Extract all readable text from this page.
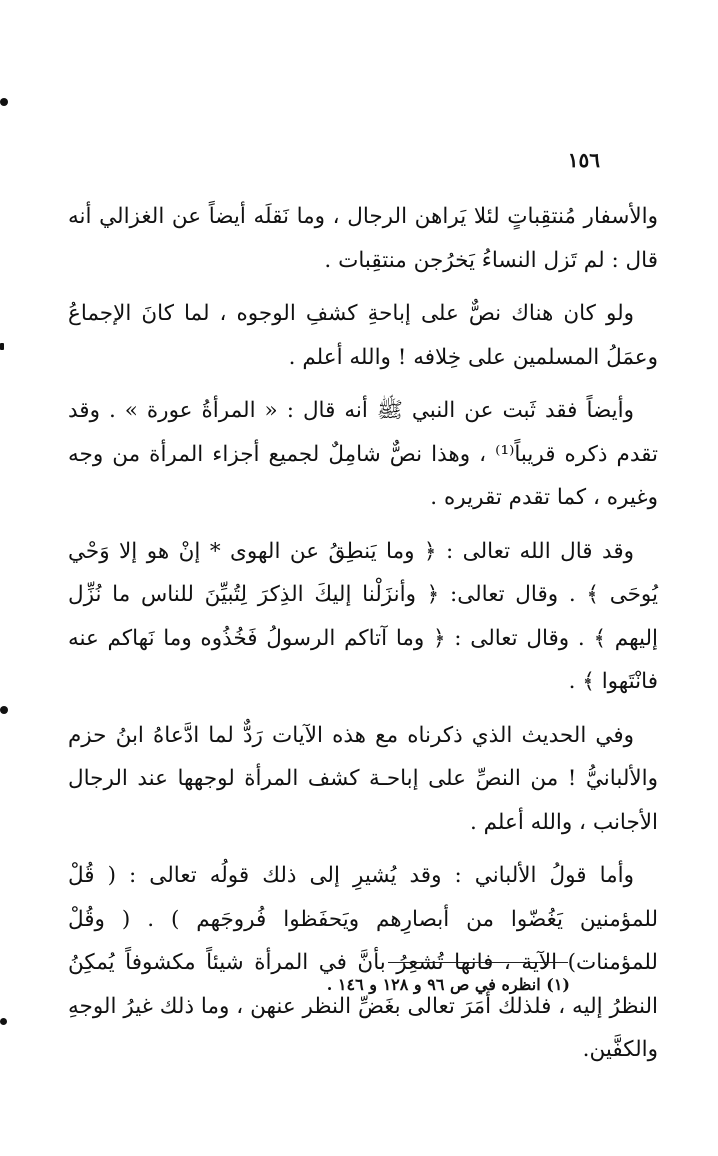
١٥٦

والأسفار مُنتقِباتٍ لئلا يَراهن الرجال ، وما نَقلَه أيضاً عن الغزالي أنه قال : لم تَزل النساءُ يَخرُجن منتقِبات .

ولو كان هناك نصٌّ على إباحةِ كشفِ الوجوه ، لما كانَ الإجماعُ وعمَلُ المسلمين على خِلافه ! والله أعلم .

وأيضاً فقد ثَبت عن النبي ﷺ أنه قال : « المرأةُ عورة » . وقد تقدم ذكره قريباً⁽¹⁾ ، وهذا نصٌّ شامِلٌ لجميع أجزاء المرأة من وجه وغيره ، كما تقدم تقريره .

وقد قال الله تعالى : ﴿ وما يَنطِقُ عن الهوى * إنْ هو إلا وَحْي يُوحَى ﴾ . وقال تعالى: ﴿ وأنزَلْنا إليكَ الذِكرَ لِتُبيِّنَ للناس ما نُزِّل إليهم ﴾ . وقال تعالى : ﴿ وما آتاكم الرسولُ فَخُذُوه وما نَهاكم عنه فانْتَهوا ﴾ .

وفي الحديث الذي ذكرناه مع هذه الآيات رَدٌّ لما ادَّعاهُ ابنُ حزم والألبانيُّ ! من النصِّ على إباحـة كشف المرأة لوجهها عند الرجال الأجانب ، والله أعلم .

وأما قولُ الألباني : وقد يُشيرِ إلى ذلك قولُه تعالى : ( قُلْ للمؤمنين يَغُضّوا من أبصارِهم ويَحفَظوا فُروجَهم ) . ( وقُلْ للمؤمنات) الآية ، فانها تُشعِرُ بأنَّ في المرأة شيئاً مكشوفاً يُمكِنُ النظرُ إليه ، فلذلك أمَرَ تعالى بغَضِّ النظر عنهن ، وما ذلك غيرُ الوجهِ والكفَّين.

(١) انظره في ص ٩٦ و ١٢٨ و ١٤٦ .
